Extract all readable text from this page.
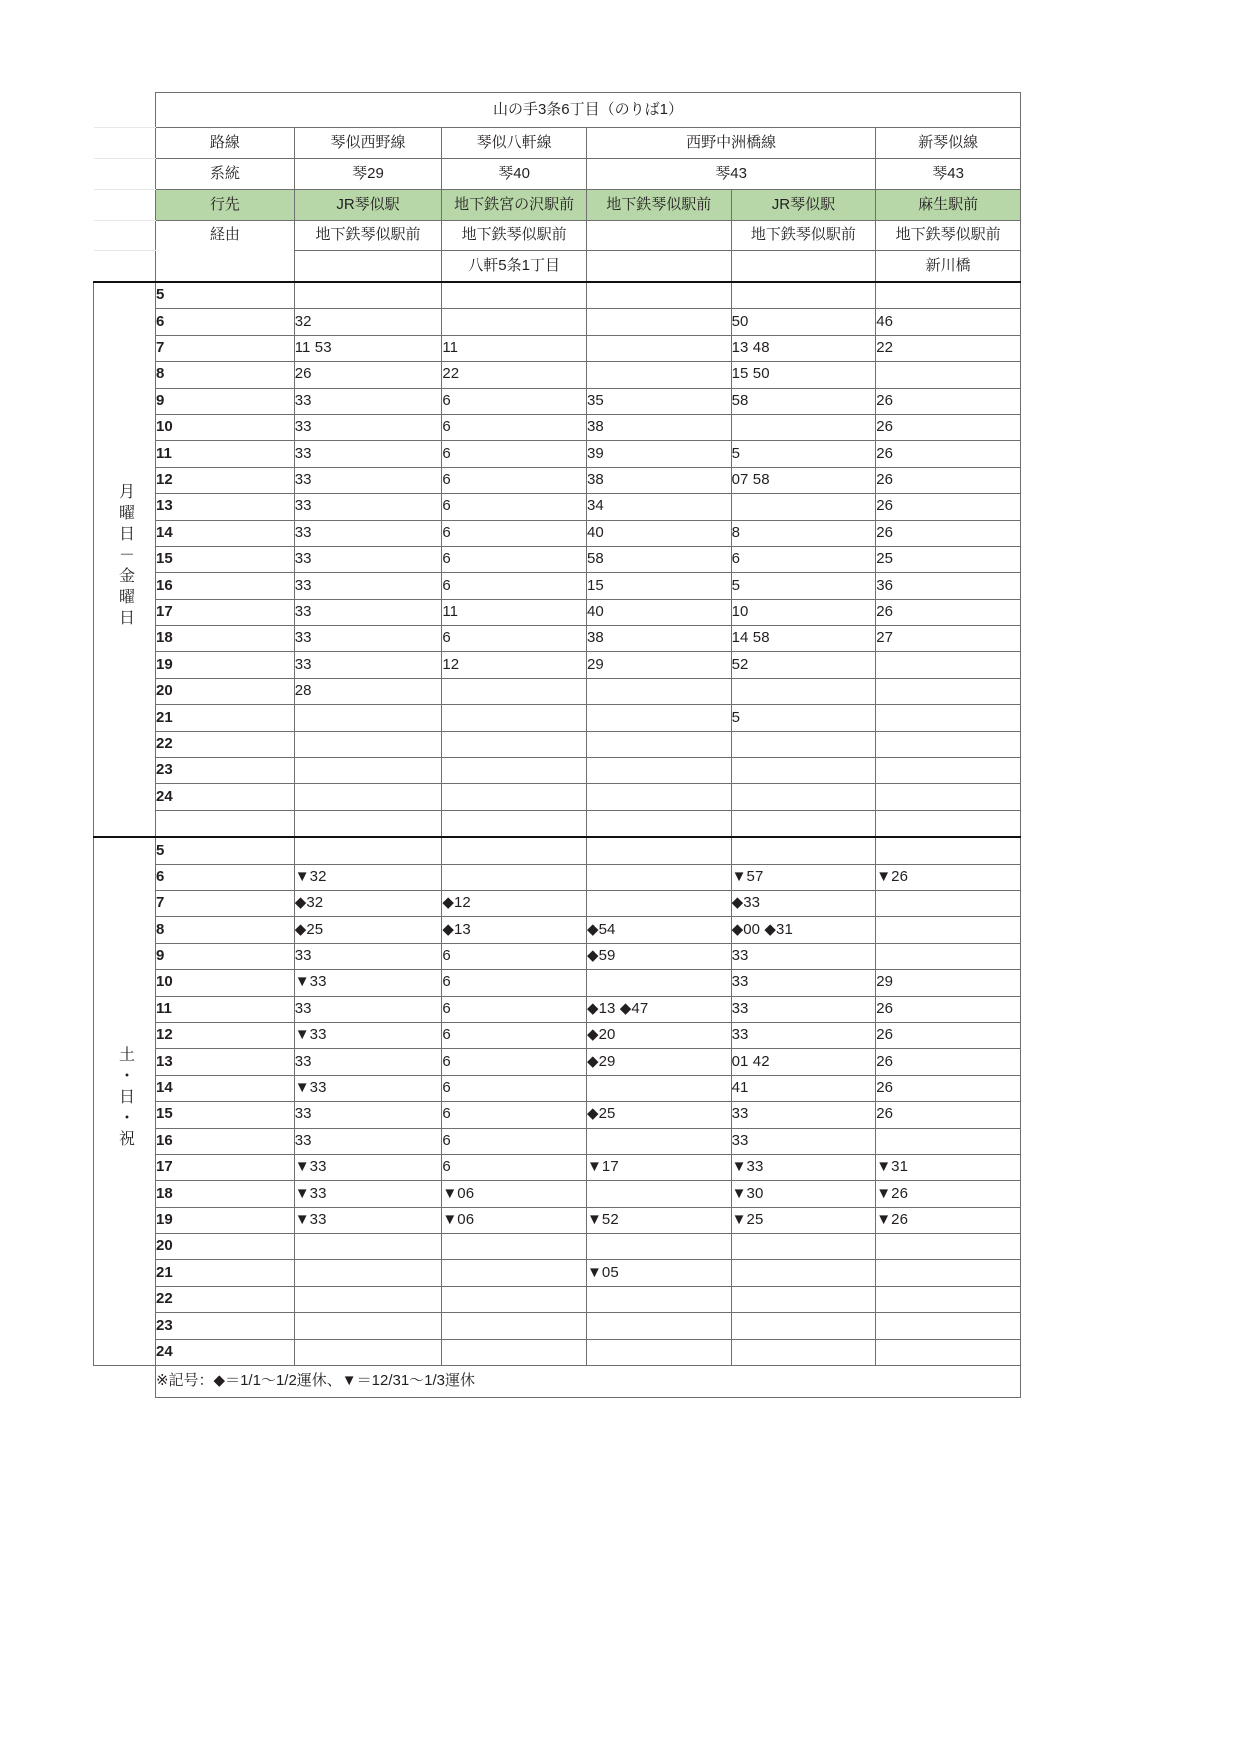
	山の手3条6丁目（のりば1）					
	路線	琴似西野線	琴似八軒線	西野中洲橋線		新琴似線
	系統	琴29	琴40	琴43		琴43
	行先	JR琴似駅	地下鉄宮の沢駅前	地下鉄琴似駅前	JR琴似駅	麻生駅前
	経由	地下鉄琴似駅前	地下鉄琴似駅前		地下鉄琴似駅前	地下鉄琴似駅前
			八軒5条1丁目			新川橋
月曜日－金曜日	5					
	6	32			50	46
	7	11 53	11		13 48	22
	8	26	22		15 50	
	9	33	6	35	58	26
	10	33	6	38		26
	11	33	6	39	5	26
	12	33	6	38	07 58	26
	13	33	6	34		26
	14	33	6	40	8	26
	15	33	6	58	6	25
	16	33	6	15	5	36
	17	33	11	40	10	26
	18	33	6	38	14 58	27
	19	33	12	29	52	
	20	28				
	21				5	
	22					
	23					
	24					

土・日・祝	5					
	6	▼32			▼57	▼26
	7	◆32	◆12		◆33	
	8	◆25	◆13	◆54	◆00 ◆31	
	9	33	6	◆59	33	
	10	▼33	6		33	29
	11	33	6	◆13 ◆47	33	26
	12	▼33	6	◆20	33	26
	13	33	6	◆29	01 42	26
	14	▼33	6		41	26
	15	33	6	◆25	33	26
	16	33	6		33	
	17	▼33	6	▼17	▼33	▼31
	18	▼33	▼06		▼30	▼26
	19	▼33	▼06	▼52	▼25	▼26
	20					
	21			▼05		
	22					
	23					
	24					
	※記号：◆＝1/1〜1/2運休、▼＝12/31〜1/3運休					
